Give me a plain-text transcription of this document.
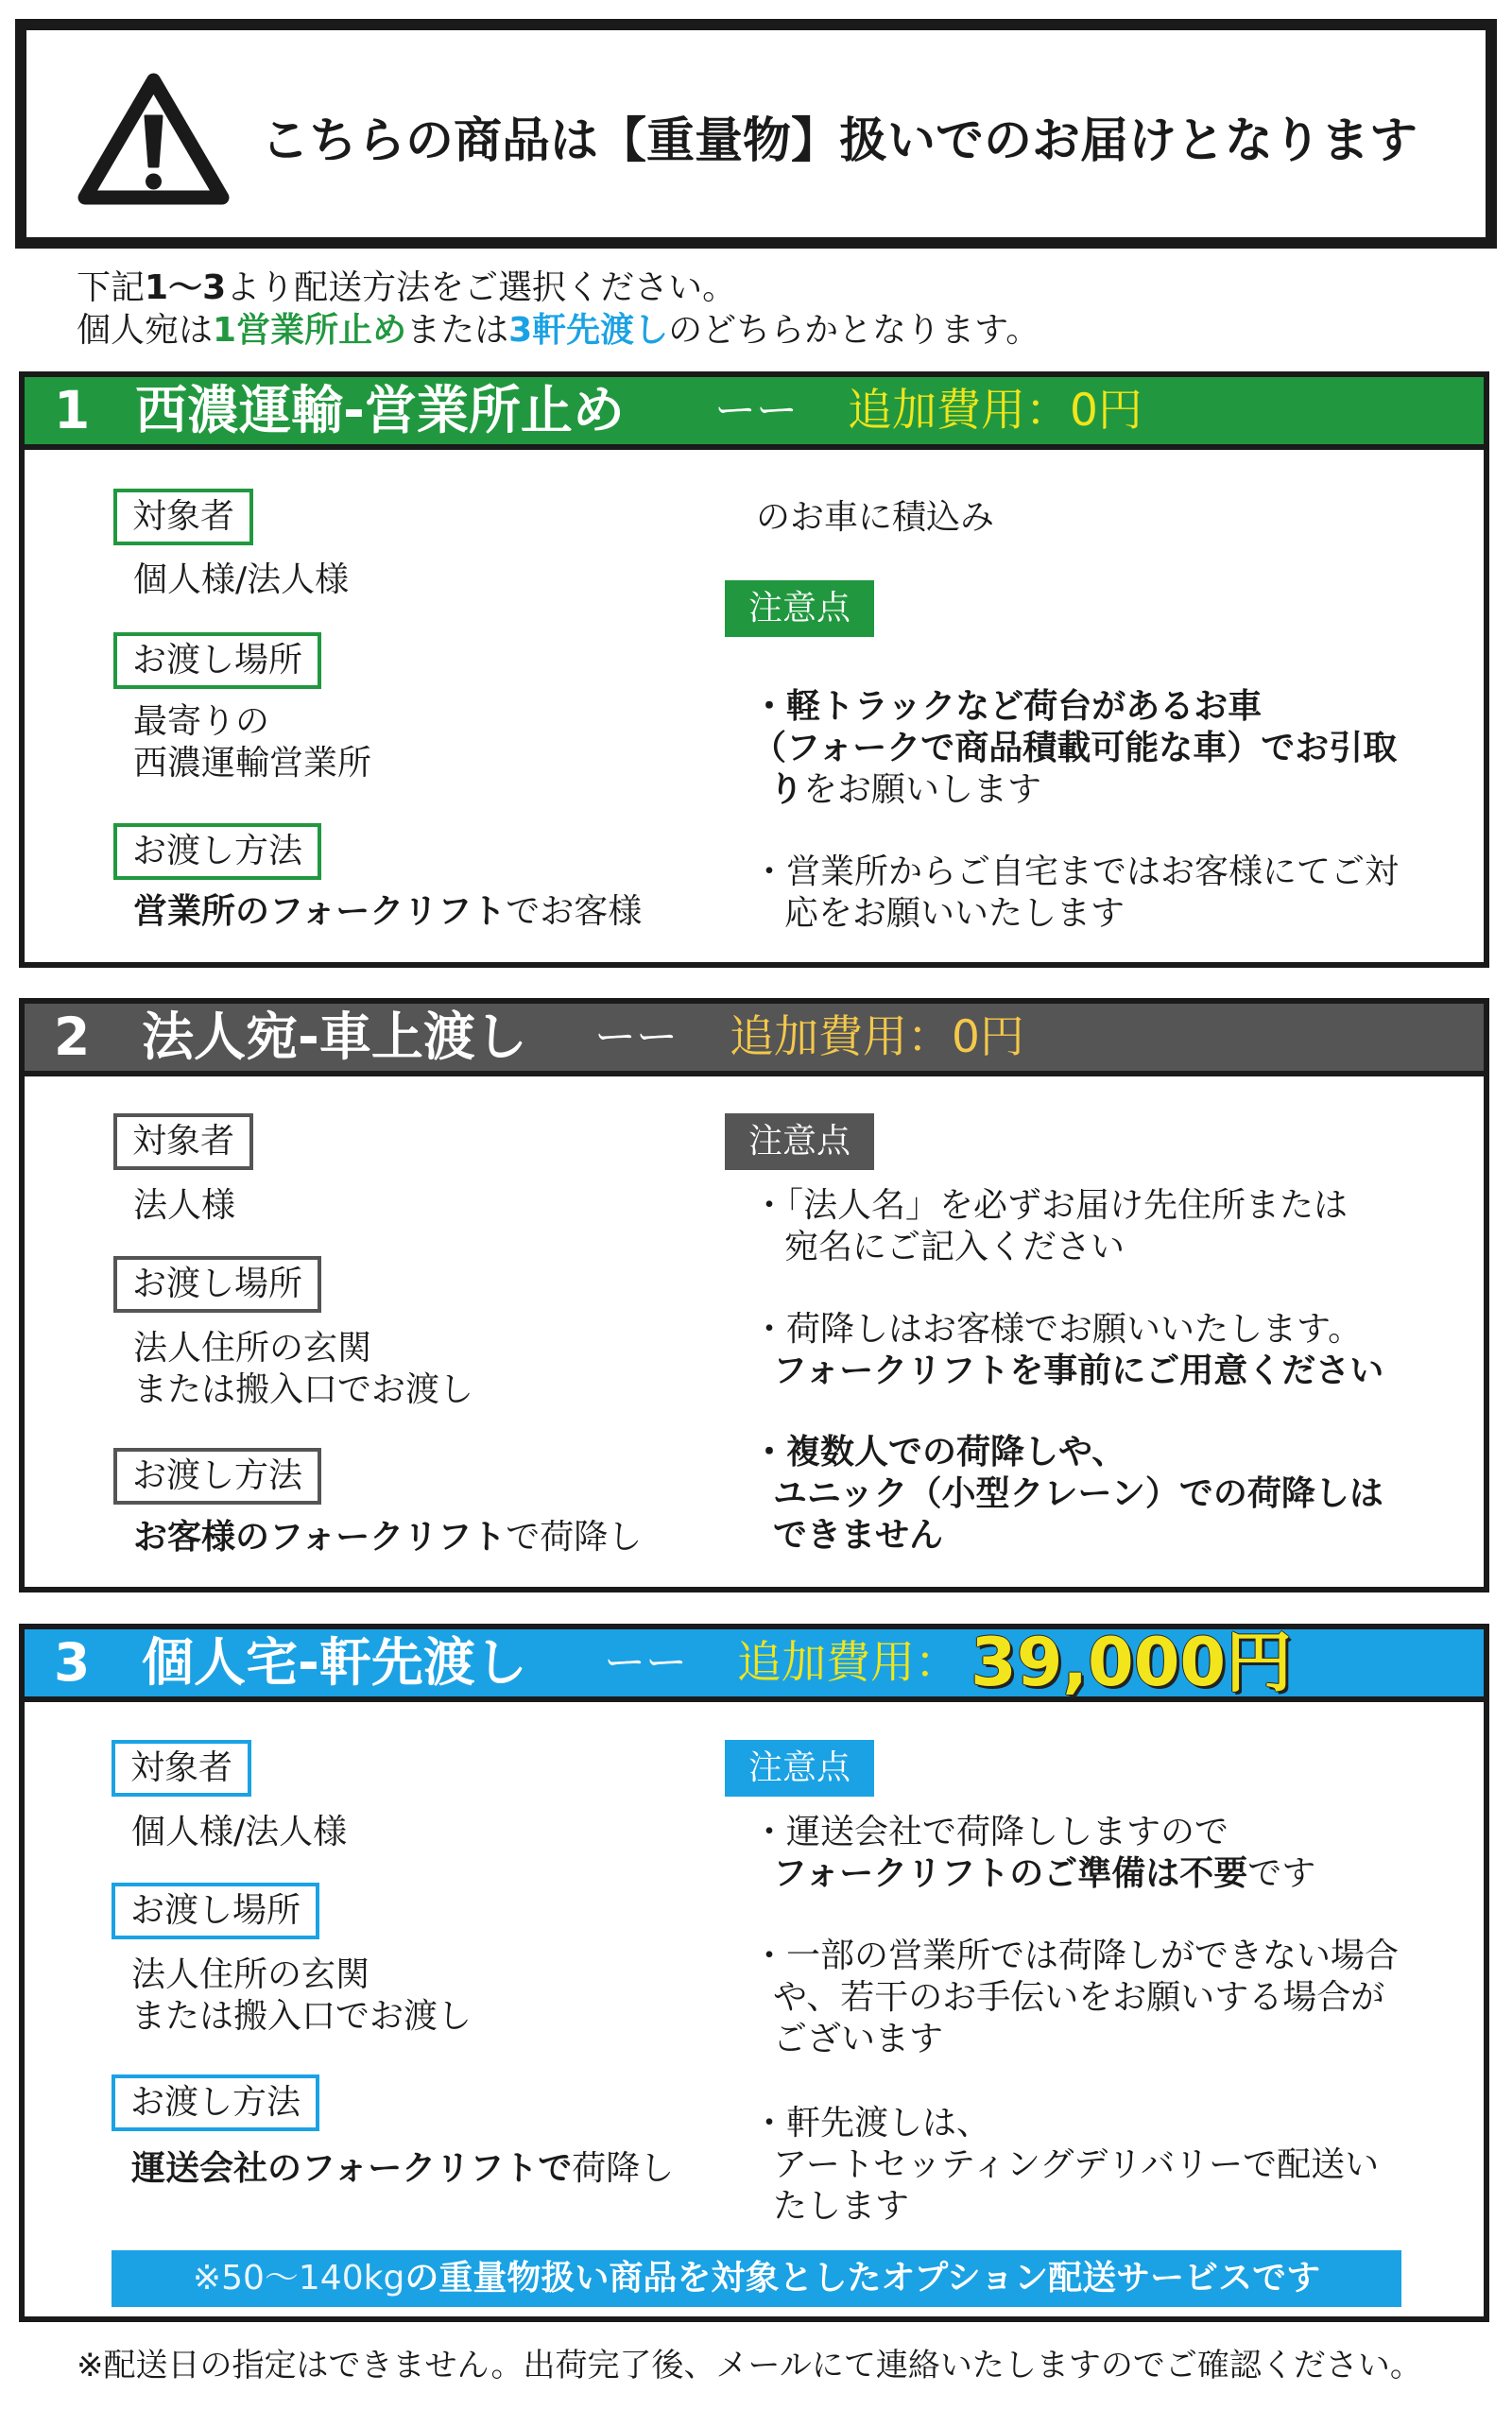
こちらの商品は【重量物】扱いでのお届けとなります
下記1～3より配送方法をご選択ください。
個人宛は1営業所止めまたは3軒先渡しのどちらかとなります。
1 西濃運輸-営業所止め ーー 追加費用：0円
対象者
個人様/法人様
お渡し場所
最寄りの
西濃運輸営業所
お渡し方法
営業所のフォークリフトでお客様
のお車に積込み
注意点
・軽トラックなど荷台があるお車
（フォークで商品積載可能な車）でお引取
りをお願いします
・営業所からご自宅まではお客様にてご対
応をお願いいたします
2 法人宛-車上渡し ーー 追加費用：0円
対象者
法人様
お渡し場所
法人住所の玄関
または搬入口でお渡し
お渡し方法
お客様のフォークリフトで荷降し
注意点
・「法人名」を必ずお届け先住所または
宛名にご記入ください
・荷降しはお客様でお願いいたします。
フォークリフトを事前にご用意ください
・複数人での荷降しや、
ユニック（小型クレーン）での荷降しは
できません
3 個人宅-軒先渡し ーー 追加費用： 39,000円
対象者
個人様/法人様
お渡し場所
法人住所の玄関
または搬入口でお渡し
お渡し方法
運送会社のフォークリフトで荷降し
注意点
・運送会社で荷降ししますので
フォークリフトのご準備は不要です
・一部の営業所では荷降しができない場合
や、若干のお手伝いをお願いする場合が
ございます
・軒先渡しは、
アートセッティングデリバリーで配送い
たします
※50～140kgの重量物扱い商品を対象としたオプション配送サービスです
※配送日の指定はできません。出荷完了後、メールにて連絡いたしますのでご確認ください。
